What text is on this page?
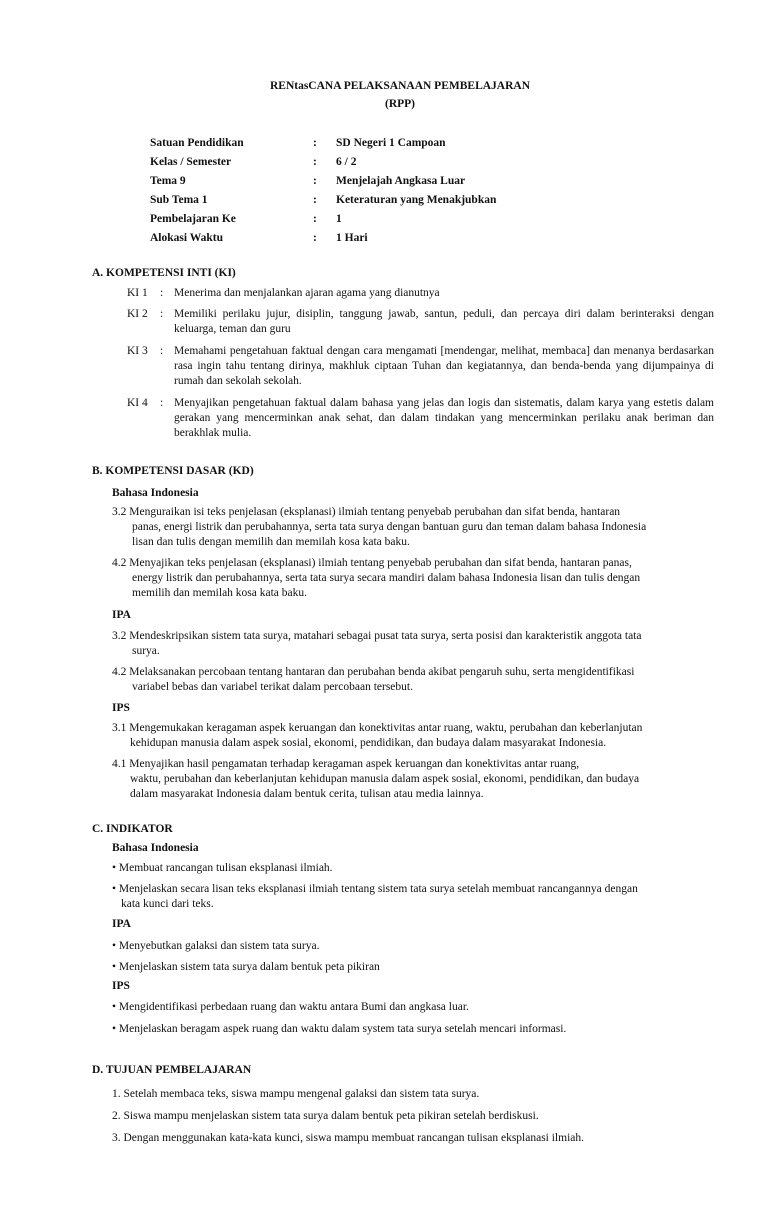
RENtasCANA PELAKSANAAN PEMBELAJARAN
(RPP)
Satuan Pendidikan	: SD Negeri 1 Campoan
Kelas / Semester	: 6 / 2
Tema 9	: Menjelajah Angkasa Luar
Sub Tema 1	: Keteraturan yang Menakjubkan
Pembelajaran Ke	: 1
Alokasi Waktu	: 1 Hari
A. KOMPETENSI INTI (KI)
KI 1 : Menerima dan menjalankan ajaran agama yang dianutnya
KI 2 : Memiliki perilaku jujur, disiplin, tanggung jawab, santun, peduli, dan percaya diri dalam berinteraksi dengan keluarga, teman dan guru
KI 3 : Memahami pengetahuan faktual dengan cara mengamati [mendengar, melihat, membaca] dan menanya berdasarkan rasa ingin tahu tentang dirinya, makhluk ciptaan Tuhan dan kegiatannya, dan benda-benda yang dijumpainya di rumah dan sekolah sekolah.
KI 4 : Menyajikan pengetahuan faktual dalam bahasa yang jelas dan logis dan sistematis, dalam karya yang estetis dalam gerakan yang mencerminkan anak sehat, dan dalam tindakan yang mencerminkan perilaku anak beriman dan berakhlak mulia.
B. KOMPETENSI DASAR (KD)
Bahasa Indonesia
3.2 Menguraikan isi teks penjelasan (eksplanasi) ilmiah tentang penyebab perubahan dan sifat benda, hantaran
panas, energi listrik dan perubahannya, serta tata surya dengan bantuan guru dan teman dalam bahasa Indonesia
lisan dan tulis dengan memilih dan memilah kosa kata baku.
4.2 Menyajikan teks penjelasan (eksplanasi) ilmiah tentang penyebab perubahan dan sifat benda, hantaran panas,
energy listrik dan perubahannya, serta tata surya secara mandiri dalam bahasa Indonesia lisan dan tulis dengan
memilih dan memilah kosa kata baku.
IPA
3.2 Mendeskripsikan sistem tata surya, matahari sebagai pusat tata surya, serta posisi dan karakteristik anggota tata
surya.
4.2 Melaksanakan percobaan tentang hantaran dan perubahan benda akibat pengaruh suhu, serta mengidentifikasi
variabel bebas dan variabel terikat dalam percobaan tersebut.
IPS
3.1 Mengemukakan keragaman aspek keruangan dan konektivitas antar ruang, waktu, perubahan dan keberlanjutan
kehidupan manusia dalam aspek sosial, ekonomi, pendidikan, dan budaya dalam masyarakat Indonesia.
4.1 Menyajikan hasil pengamatan terhadap keragaman aspek keruangan dan konektivitas antar ruang,
waktu, perubahan dan keberlanjutan kehidupan manusia dalam aspek sosial, ekonomi, pendidikan, dan budaya
dalam masyarakat Indonesia dalam bentuk cerita, tulisan atau media lainnya.
C. INDIKATOR
Bahasa Indonesia
• Membuat rancangan tulisan eksplanasi ilmiah.
• Menjelaskan secara lisan teks eksplanasi ilmiah tentang sistem tata surya setelah membuat rancangannya dengan
kata kunci dari teks.
IPA
• Menyebutkan galaksi dan sistem tata surya.
• Menjelaskan sistem tata surya dalam bentuk peta pikiran
IPS
• Mengidentifikasi perbedaan ruang dan waktu antara Bumi dan angkasa luar.
• Menjelaskan beragam aspek ruang dan waktu dalam system tata surya setelah mencari informasi.
D. TUJUAN PEMBELAJARAN
1. Setelah membaca teks, siswa mampu mengenal galaksi dan sistem tata surya.
2. Siswa mampu menjelaskan sistem tata surya dalam bentuk peta pikiran setelah berdiskusi.
3. Dengan menggunakan kata-kata kunci, siswa mampu membuat rancangan tulisan eksplanasi ilmiah.
